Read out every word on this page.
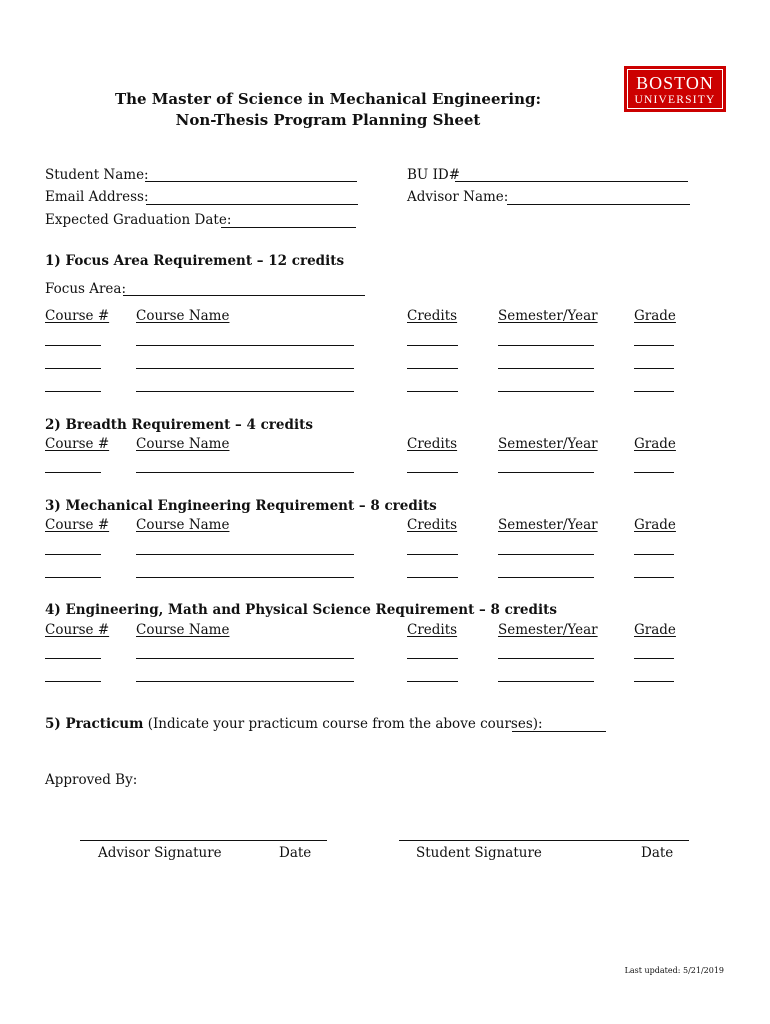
BOSTON
UNIVERSITY
The Master of Science in Mechanical Engineering:
Non-Thesis Program Planning Sheet
Student Name:
Email Address:
Expected Graduation Date:
BU ID#
Advisor Name:
1) Focus Area Requirement – 12 credits
Focus Area:
Course # Course Name	Credits	Semester/Year	Grade
2) Breadth Requirement – 4 credits
Course # Course Name	Credits	Semester/Year	Grade
3) Mechanical Engineering Requirement – 8 credits
Course # Course Name	Credits	Semester/Year	Grade
4) Engineering, Math and Physical Science Requirement – 8 credits
Course # Course Name	Credits	Semester/Year	Grade
5) Practicum (Indicate your practicum course from the above courses):
Approved By:
Advisor Signature	Date	Student Signature	Date
Last updated: 5/21/2019
